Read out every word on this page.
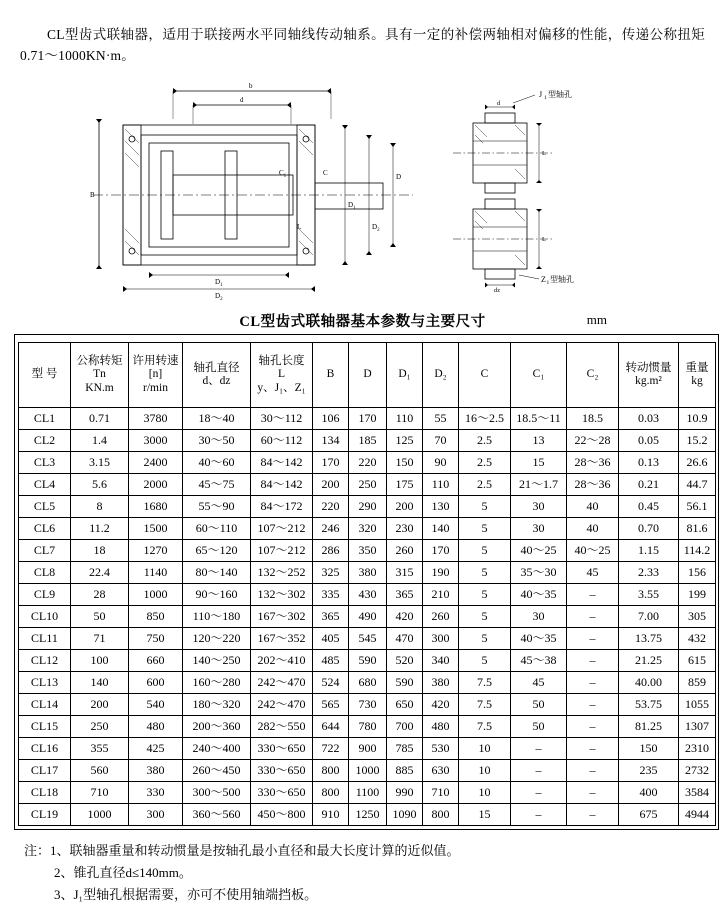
CL型齿式联轴器，适用于联接两水平同轴线传动轴系。具有一定的补偿两轴相对偏移的性能，传递公称扭矩0.71～1000KN·m。

b
d
B
$D_1$
$D_2$
D
C
L
$C_1$
$D_1$
$D_2$
J 1 型轴孔
d
L
L
dz
Z 1 型轴孔
CL型齿式联轴器基本参数与主要尺寸	mm
型 号	公称转矩
Tn
KN.m	许用转速
[n]
r/min	轴孔直径
d、dz	轴孔长度
L
y、J₁、Z₁	B	D	D₁	D₂	C	C₁	C₂	转动惯量
kg.m²	重量
kg

CL1	0.71	3780	18～40	30～112	106	170	110	55	16～2.5	18.5～11	18.5	0.03	10.9
CL2	1.4	3000	30～50	60～112	134	185	125	70	2.5	13	22～28	0.05	15.2
CL3	3.15	2400	40～60	84～142	170	220	150	90	2.5	15	28～36	0.13	26.6
CL4	5.6	2000	45～75	84～142	200	250	175	110	2.5	21～1.7	28～36	0.21	44.7
CL5	8	1680	55～90	84～172	220	290	200	130	5	30	40	0.45	56.1
CL6	11.2	1500	60～110	107～212	246	320	230	140	5	30	40	0.70	81.6
CL7	18	1270	65～120	107～212	286	350	260	170	5	40～25	40～25	1.15	114.2
CL8	22.4	1140	80～140	132～252	325	380	315	190	5	35～30	45	2.33	156
CL9	28	1000	90～160	132～302	335	430	365	210	5	40～35	–	3.55	199
CL10	50	850	110～180	167～302	365	490	420	260	5	30	–	7.00	305
CL11	71	750	120～220	167～352	405	545	470	300	5	40～35	–	13.75	432
CL12	100	660	140～250	202～410	485	590	520	340	5	45～38	–	21.25	615
CL13	140	600	160～280	242～470	524	680	590	380	7.5	45	–	40.00	859
CL14	200	540	180～320	242～470	565	730	650	420	7.5	50	–	53.75	1055
CL15	250	480	200～360	282～550	644	780	700	480	7.5	50	–	81.25	1307
CL16	355	425	240～400	330～650	722	900	785	530	10	–	–	150	2310
CL17	560	380	260～450	330～650	800	1000	885	630	10	–	–	235	2732
CL18	710	330	300～500	330～650	800	1100	990	710	10	–	–	400	3584
CL19	1000	300	360～560	450～800	910	1250	1090	800	15	–	–	675	4944
注：1、联轴器重量和转动惯量是按轴孔最小直径和最大长度计算的近似值。
2、锥孔直径d≤140mm。
3、J₁型轴孔根据需要，亦可不使用轴端挡板。
